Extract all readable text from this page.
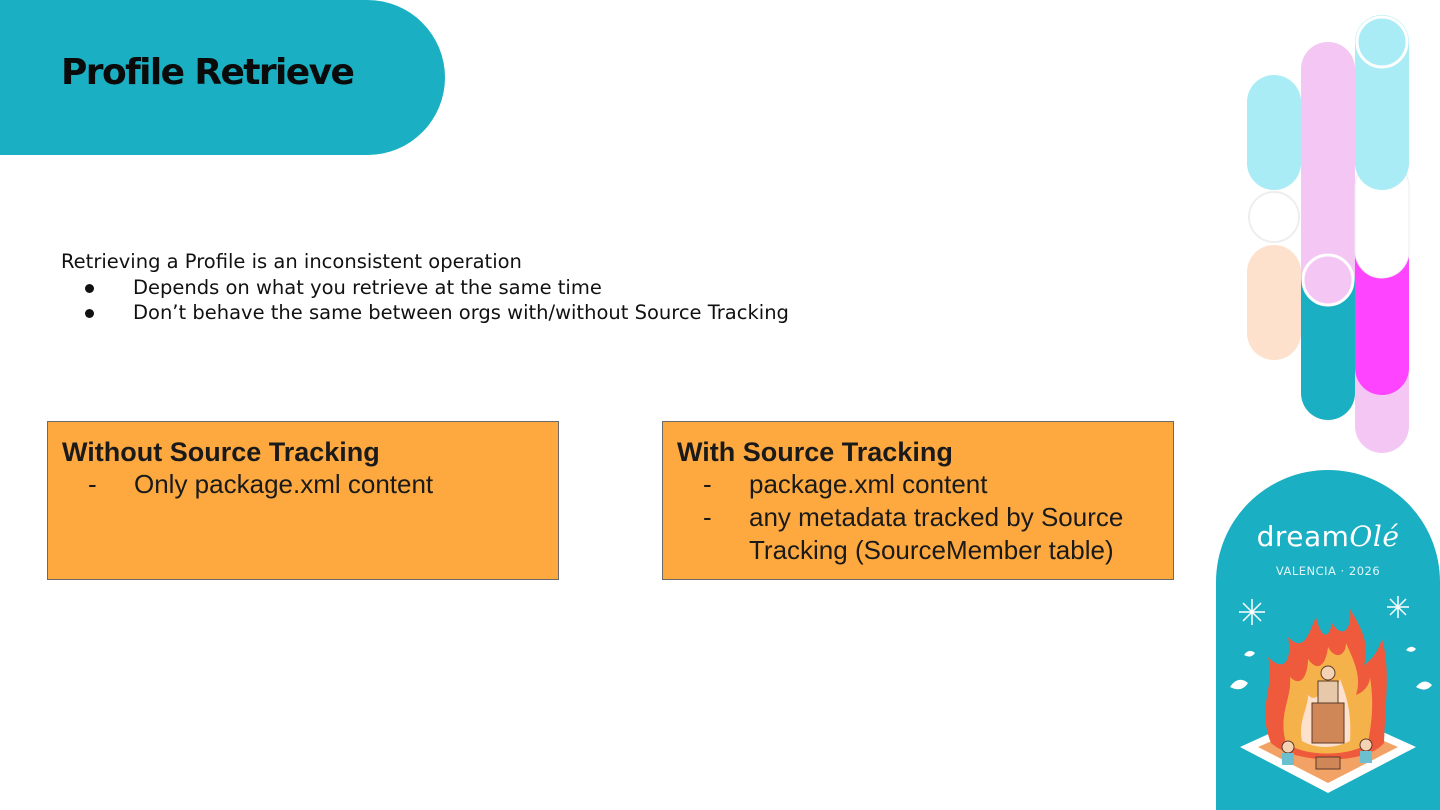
Profile Retrieve
Retrieving a Profile is an inconsistent operation
Depends on what you retrieve at the same time
Don’t behave the same between orgs with/without Source Tracking
Without Source Tracking
- Only package.xml content
With Source Tracking
- package.xml content
- any metadata tracked by Source Tracking (SourceMember table)	dreamOlé
VALENCIA · 2026
